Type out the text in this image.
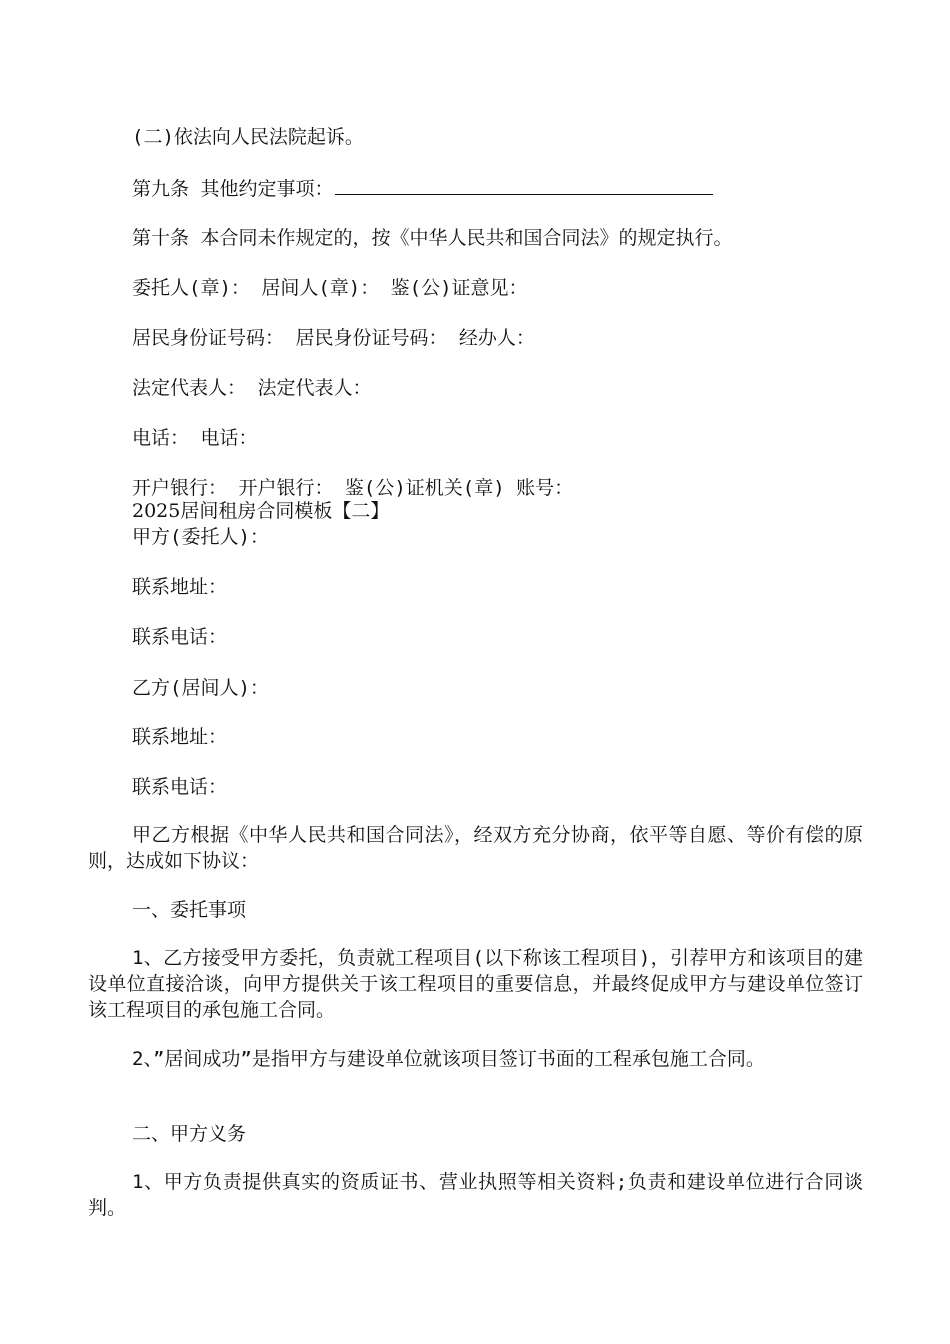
(二)依法向人民法院起诉。
第九条 其他约定事项：
第十条 本合同未作规定的，按《中华人民共和国合同法》的规定执行。
委托人(章)： 居间人(章)： 鉴(公)证意见：
居民身份证号码： 居民身份证号码： 经办人：
法定代表人： 法定代表人：
电话： 电话：
开户银行： 开户银行： 鉴(公)证机关(章) 账号：
2025居间租房合同模板【二】
甲方(委托人)：
联系地址：
联系电话：
乙方(居间人)：
联系地址：
联系电话：
甲乙方根据《中华人民共和国合同法》，经双方充分协商，依平等自愿、等价有偿的原则，达成如下协议：
一、委托事项
1、乙方接受甲方委托，负责就工程项目(以下称该工程项目)，引荐甲方和该项目的建设单位直接洽谈，向甲方提供关于该工程项目的重要信息，并最终促成甲方与建设单位签订该工程项目的承包施工合同。
2、”居间成功”是指甲方与建设单位就该项目签订书面的工程承包施工合同。
二、甲方义务
1、甲方负责提供真实的资质证书、营业执照等相关资料;负责和建设单位进行合同谈判。
